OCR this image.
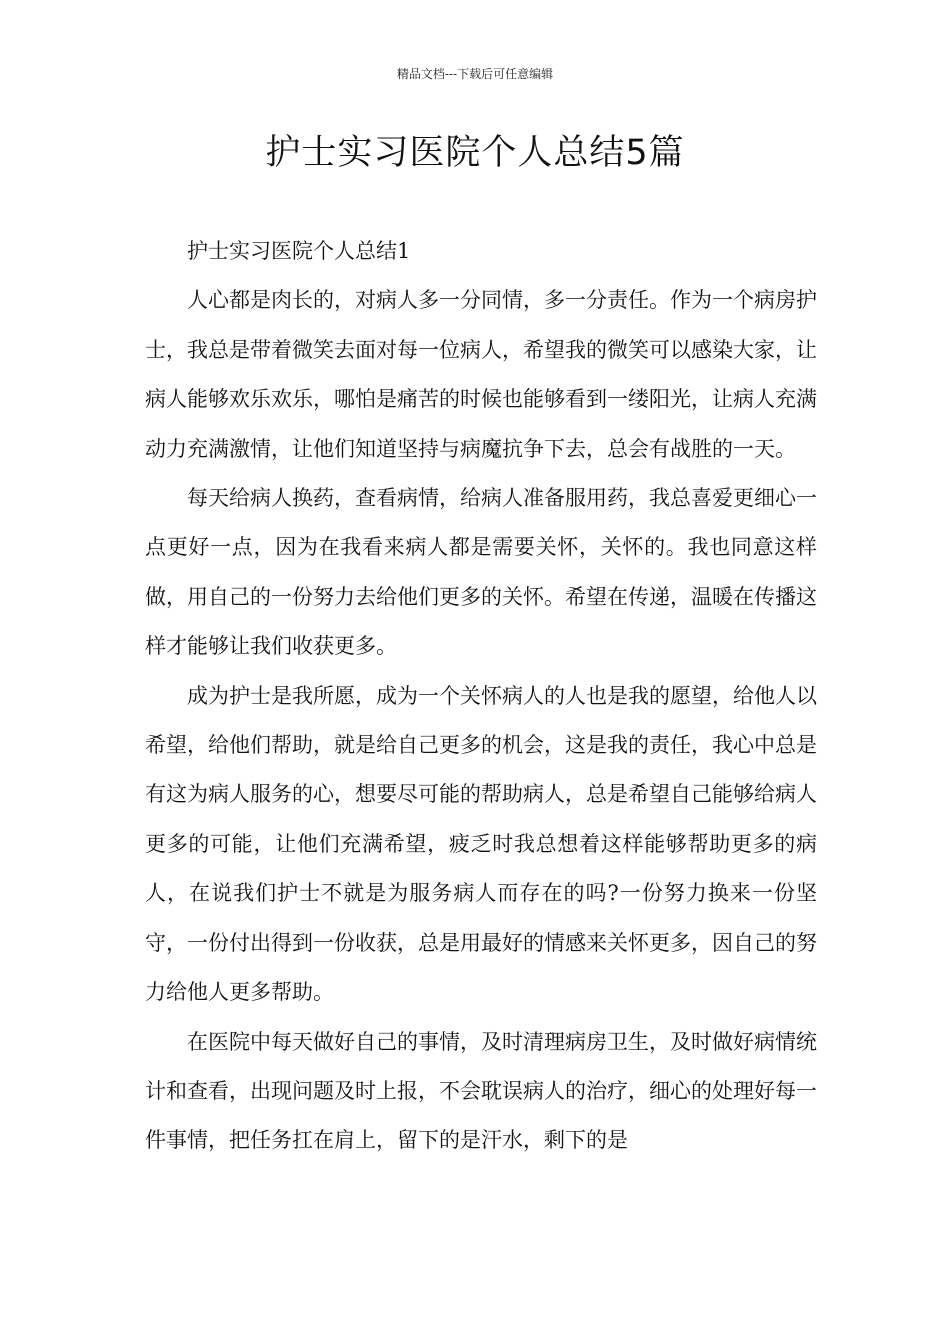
精品文档---下载后可任意编辑
护士实习医院个人总结5篇
护士实习医院个人总结1

人心都是肉长的，对病人多一分同情，多一分责任。作为一个病房护士，我总是带着微笑去面对每一位病人，希望我的微笑可以感染大家，让病人能够欢乐欢乐，哪怕是痛苦的时候也能够看到一缕阳光，让病人充满动力充满激情，让他们知道坚持与病魔抗争下去，总会有战胜的一天。

每天给病人换药，查看病情，给病人准备服用药，我总喜爱更细心一点更好一点，因为在我看来病人都是需要关怀，关怀的。我也同意这样做，用自己的一份努力去给他们更多的关怀。希望在传递，温暖在传播这样才能够让我们收获更多。

成为护士是我所愿，成为一个关怀病人的人也是我的愿望，给他人以希望，给他们帮助，就是给自己更多的机会，这是我的责任，我心中总是有这为病人服务的心，想要尽可能的帮助病人，总是希望自己能够给病人更多的可能，让他们充满希望，疲乏时我总想着这样能够帮助更多的病人，在说我们护士不就是为服务病人而存在的吗?一份努力换来一份坚守，一份付出得到一份收获，总是用最好的情感来关怀更多，因自己的努力给他人更多帮助。

在医院中每天做好自己的事情，及时清理病房卫生，及时做好病情统计和查看，出现问题及时上报，不会耽误病人的治疗，细心的处理好每一件事情，把任务扛在肩上，留下的是汗水，剩下的是
